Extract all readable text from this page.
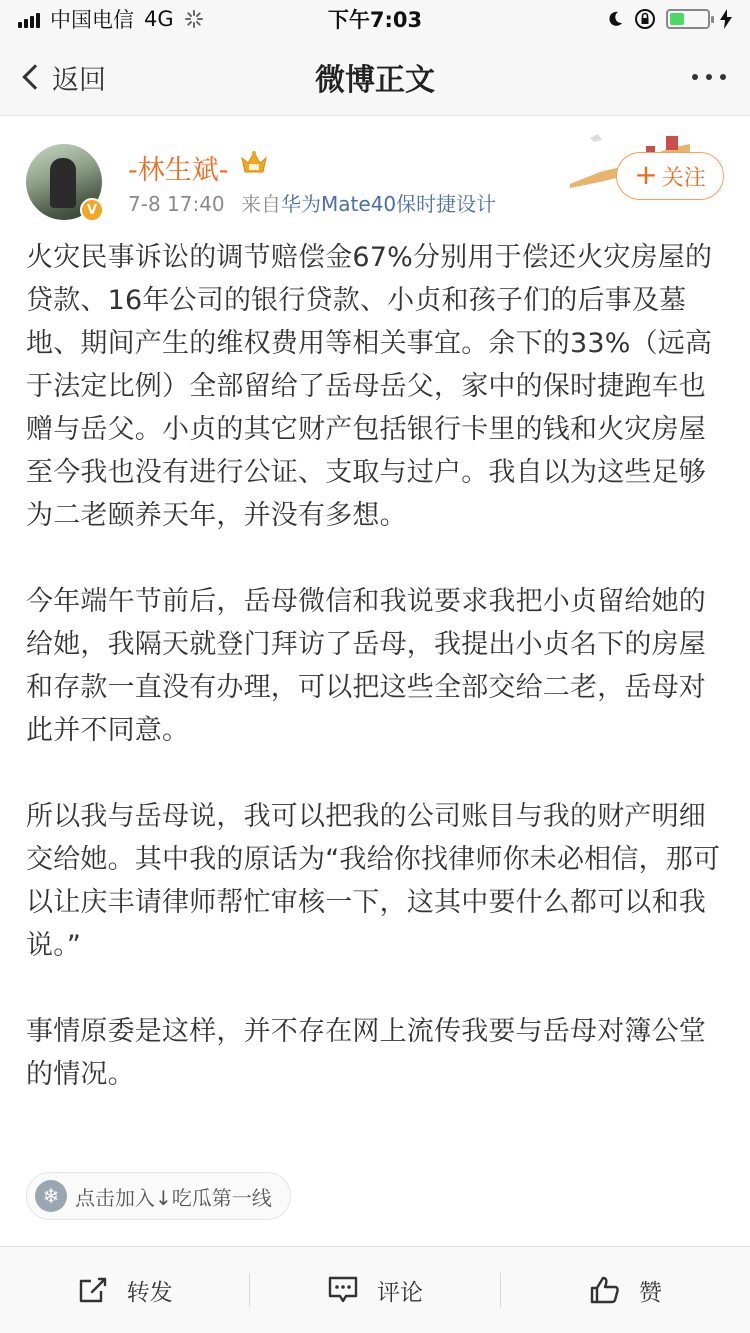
中国电信 4G	下午7:03
返回	微博正文
V
-林生斌-
7-8 17:40 来自华为Mate40保时捷设计
+ 关注

火灾民事诉讼的调节赔偿金67%分别用于偿还火灾房屋的贷款、16年公司的银行贷款、小贞和孩子们的后事及墓地、期间产生的维权费用等相关事宜。余下的33%（远高于法定比例）全部留给了岳母岳父，家中的保时捷跑车也赠与岳父。小贞的其它财产包括银行卡里的钱和火灾房屋至今我也没有进行公证、支取与过户。我自以为这些足够为二老颐养天年，并没有多想。

今年端午节前后，岳母微信和我说要求我把小贞留给她的给她，我隔天就登门拜访了岳母，我提出小贞名下的房屋和存款一直没有办理，可以把这些全部交给二老，岳母对此并不同意。

所以我与岳母说，我可以把我的公司账目与我的财产明细交给她。其中我的原话为“我给你找律师你未必相信，那可以让庆丰请律师帮忙审核一下，这其中要什么都可以和我说。”

事情原委是这样，并不存在网上流传我要与岳母对簿公堂的情况。

❄ 点击加入↓吃瓜第一线
转发	评论	赞
